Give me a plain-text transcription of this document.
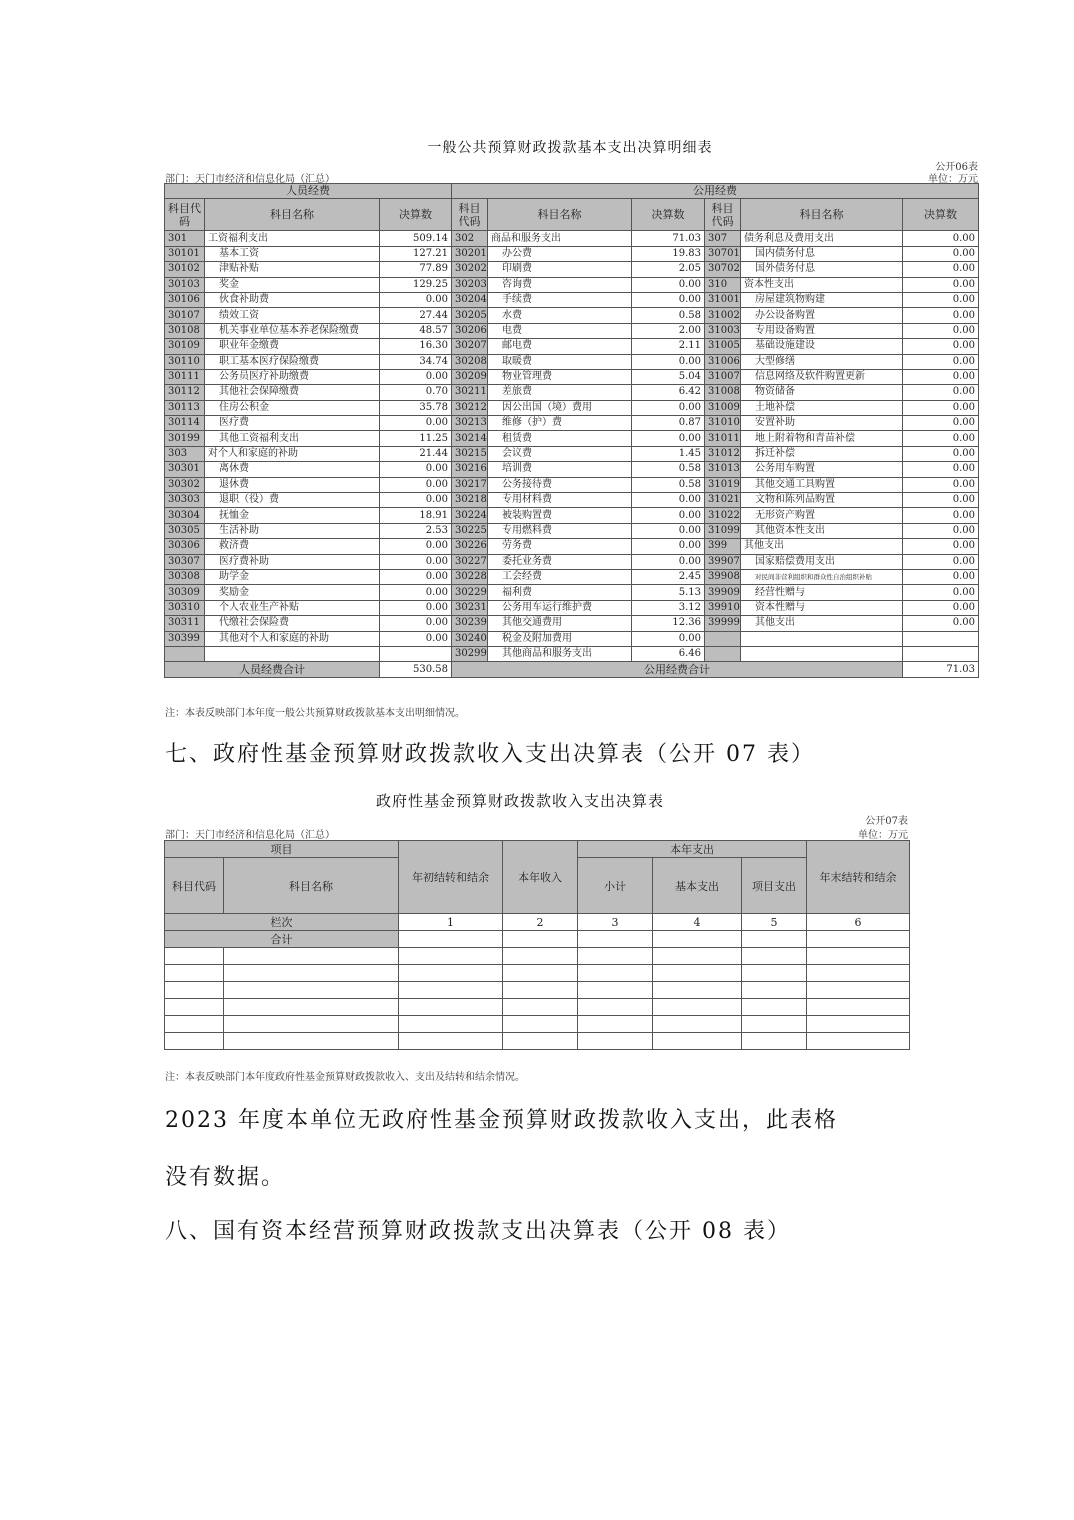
一般公共预算财政拨款基本支出决算明细表
公开06表
部门：天门市经济和信息化局（汇总）	单位：万元
人员经费			公用经费					
科目代码	科目名称	决算数	科目代码	科目名称	决算数	科目代码	科目名称	决算数
301	工资福利支出	509.14	302	商品和服务支出	71.03	307	债务利息及费用支出	0.00
30101	基本工资	127.21	30201	办公费	19.83	30701	国内债务付息	0.00
30102	津贴补贴	77.89	30202	印刷费	2.05	30702	国外债务付息	0.00
30103	奖金	129.25	30203	咨询费	0.00	310	资本性支出	0.00
30106	伙食补助费	0.00	30204	手续费	0.00	31001	房屋建筑物购建	0.00
30107	绩效工资	27.44	30205	水费	0.58	31002	办公设备购置	0.00
30108	机关事业单位基本养老保险缴费	48.57	30206	电费	2.00	31003	专用设备购置	0.00
30109	职业年金缴费	16.30	30207	邮电费	2.11	31005	基础设施建设	0.00
30110	职工基本医疗保险缴费	34.74	30208	取暖费	0.00	31006	大型修缮	0.00
30111	公务员医疗补助缴费	0.00	30209	物业管理费	5.04	31007	信息网络及软件购置更新	0.00
30112	其他社会保障缴费	0.70	30211	差旅费	6.42	31008	物资储备	0.00
30113	住房公积金	35.78	30212	因公出国（境）费用	0.00	31009	土地补偿	0.00
30114	医疗费	0.00	30213	维修（护）费	0.87	31010	安置补助	0.00
30199	其他工资福利支出	11.25	30214	租赁费	0.00	31011	地上附着物和青苗补偿	0.00
303	对个人和家庭的补助	21.44	30215	会议费	1.45	31012	拆迁补偿	0.00
30301	离休费	0.00	30216	培训费	0.58	31013	公务用车购置	0.00
30302	退休费	0.00	30217	公务接待费	0.58	31019	其他交通工具购置	0.00
30303	退职（役）费	0.00	30218	专用材料费	0.00	31021	文物和陈列品购置	0.00
30304	抚恤金	18.91	30224	被装购置费	0.00	31022	无形资产购置	0.00
30305	生活补助	2.53	30225	专用燃料费	0.00	31099	其他资本性支出	0.00
30306	救济费	0.00	30226	劳务费	0.00	399	其他支出	0.00
30307	医疗费补助	0.00	30227	委托业务费	0.00	39907	国家赔偿费用支出	0.00
30308	助学金	0.00	30228	工会经费	2.45	39908	对民间非营利组织和群众性自治组织补贴	0.00
30309	奖励金	0.00	30229	福利费	5.13	39909	经营性赠与	0.00
30310	个人农业生产补贴	0.00	30231	公务用车运行维护费	3.12	39910	资本性赠与	0.00
30311	代缴社会保险费	0.00	30239	其他交通费用	12.36	39999	其他支出	0.00
30399	其他对个人和家庭的补助	0.00	30240	税金及附加费用	0.00			
			30299	其他商品和服务支出	6.46			
人员经费合计		530.58	公用经费合计					71.03
注：本表反映部门本年度一般公共预算财政拨款基本支出明细情况。
七、政府性基金预算财政拨款收入支出决算表（公开 07 表）
政府性基金预算财政拨款收入支出决算表
公开07表
部门：天门市经济和信息化局（汇总）	单位：万元
项目		年初结转和结余	本年收入	本年支出			年末结转和结余
科目代码	科目名称			小计	基本支出	项目支出	
栏次		1	2	3	4	5	6
合计							

注：本表反映部门本年度政府性基金预算财政拨款收入、支出及结转和结余情况。
2023 年度本单位无政府性基金预算财政拨款收入支出，此表格
没有数据。
八、国有资本经营预算财政拨款支出决算表（公开 08 表）
